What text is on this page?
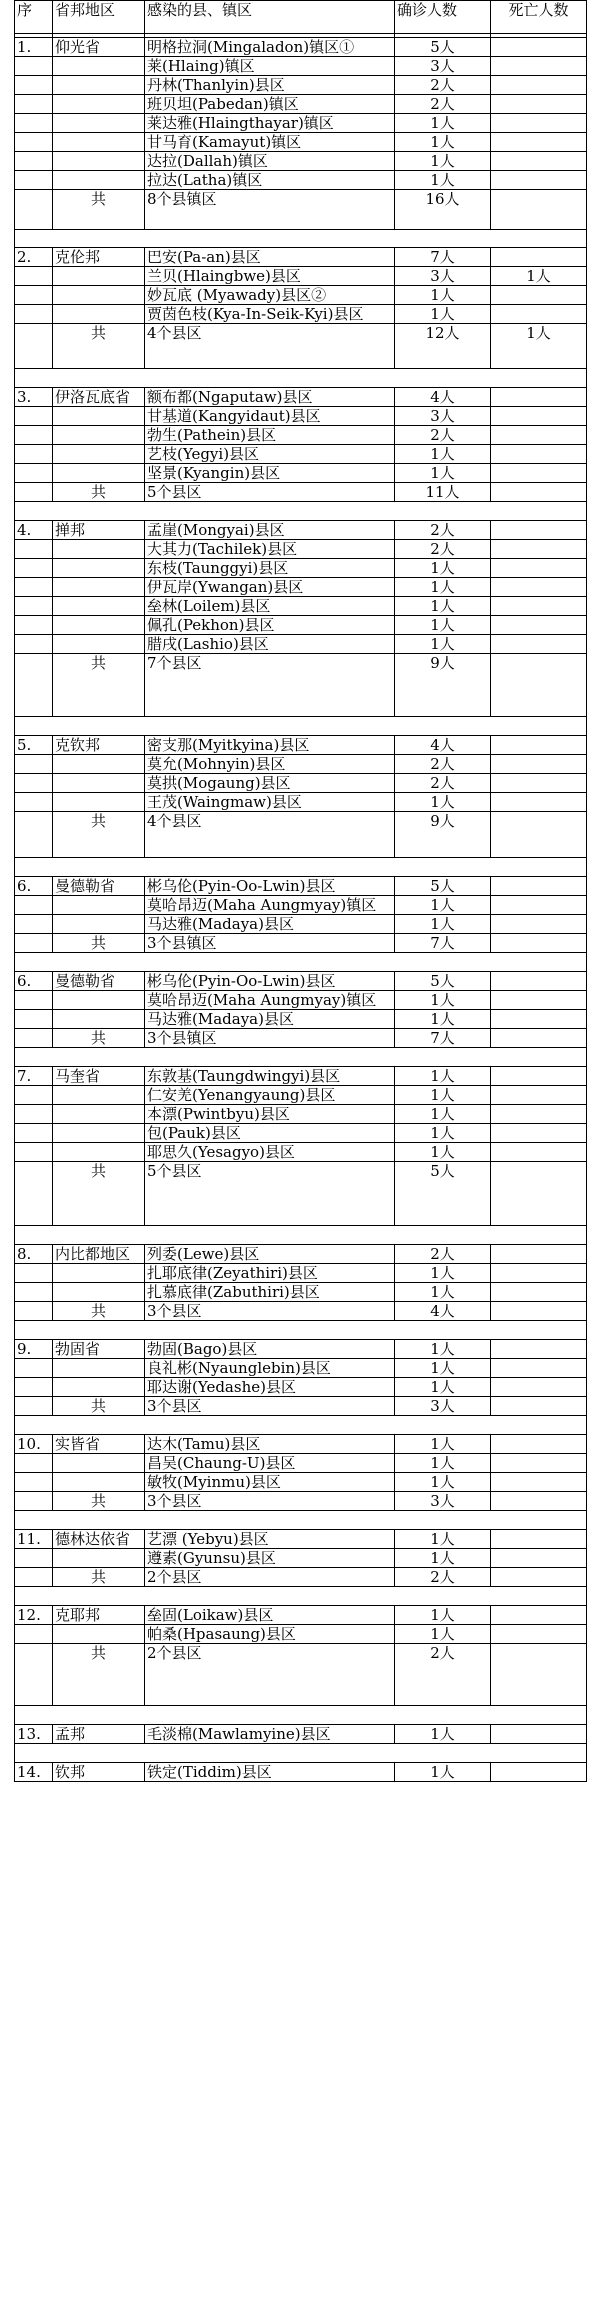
序	省邦地区	感染的县、镇区	确诊人数	死亡人数

1.	仰光省	明格拉洞(Mingaladon)镇区①	5人	
		莱(Hlaing)镇区	3人	
		丹林(Thanlyin)县区	2人	
		班贝坦(Pabedan)镇区	2人	
		莱达雅(Hlaingthayar)镇区	1人	
		甘马育(Kamayut)镇区	1人	
		达拉(Dallah)镇区	1人	
		拉达(Latha)镇区	1人	
	共	8个县镇区	16人	

2.	克伦邦	巴安(Pa-an)县区	7人	
		兰贝(Hlaingbwe)县区	3人	1人
		妙瓦底 (Myawady)县区②	1人	
		贾茵色枝(Kya-In-Seik-Kyi)县区	1人	
	共	4个县区	12人	1人

3.	伊洛瓦底省	额布都(Ngaputaw)县区	4人	
		甘基道(Kangyidaut)县区	3人	
		勃生(Pathein)县区	2人	
		艺枝(Yegyi)县区	1人	
		坚景(Kyangin)县区	1人	
	共	5个县区	11人	

4.	掸邦	孟崖(Mongyai)县区	2人	
		大其力(Tachilek)县区	2人	
		东枝(Taunggyi)县区	1人	
		伊瓦岸(Ywangan)县区	1人	
		垒林(Loilem)县区	1人	
		佩孔(Pekhon)县区	1人	
		腊戌(Lashio)县区	1人	
	共	7个县区	9人	

5.	克钦邦	密支那(Myitkyina)县区	4人	
		莫允(Mohnyin)县区	2人	
		莫拱(Mogaung)县区	2人	
		王茂(Waingmaw)县区	1人	
	共	4个县区	9人	

6.	曼德勒省	彬乌伦(Pyin-Oo-Lwin)县区	5人	
		莫哈昂迈(Maha Aungmyay)镇区	1人	
		马达雅(Madaya)县区	1人	
	共	3个县镇区	7人	

6.	曼德勒省	彬乌伦(Pyin-Oo-Lwin)县区	5人	
		莫哈昂迈(Maha Aungmyay)镇区	1人	
		马达雅(Madaya)县区	1人	
	共	3个县镇区	7人	

7.	马奎省	东敦基(Taungdwingyi)县区	1人	
		仁安羌(Yenangyaung)县区	1人	
		本漂(Pwintbyu)县区	1人	
		包(Pauk)县区	1人	
		耶思久(Yesagyo)县区	1人	
	共	5个县区	5人	

8.	内比都地区	列委(Lewe)县区	2人	
		扎耶底律(Zeyathiri)县区	1人	
		扎慕底律(Zabuthiri)县区	1人	
	共	3个县区	4人	

9.	勃固省	勃固(Bago)县区	1人	
		良礼彬(Nyaunglebin)县区	1人	
		耶达谢(Yedashe)县区	1人	
	共	3个县区	3人	

10.	实皆省	达木(Tamu)县区	1人	
		昌吴(Chaung-U)县区	1人	
		敏牧(Myinmu)县区	1人	
	共	3个县区	3人	

11.	德林达依省	艺漂 (Yebyu)县区	1人	
		遵素(Gyunsu)县区	1人	
	共	2个县区	2人	

12.	克耶邦	垒固(Loikaw)县区	1人	
		帕桑(Hpasaung)县区	1人	
	共	2个县区	2人	

13.	孟邦	毛淡棉(Mawlamyine)县区	1人	

14.	钦邦	铁定(Tiddim)县区	1人	
